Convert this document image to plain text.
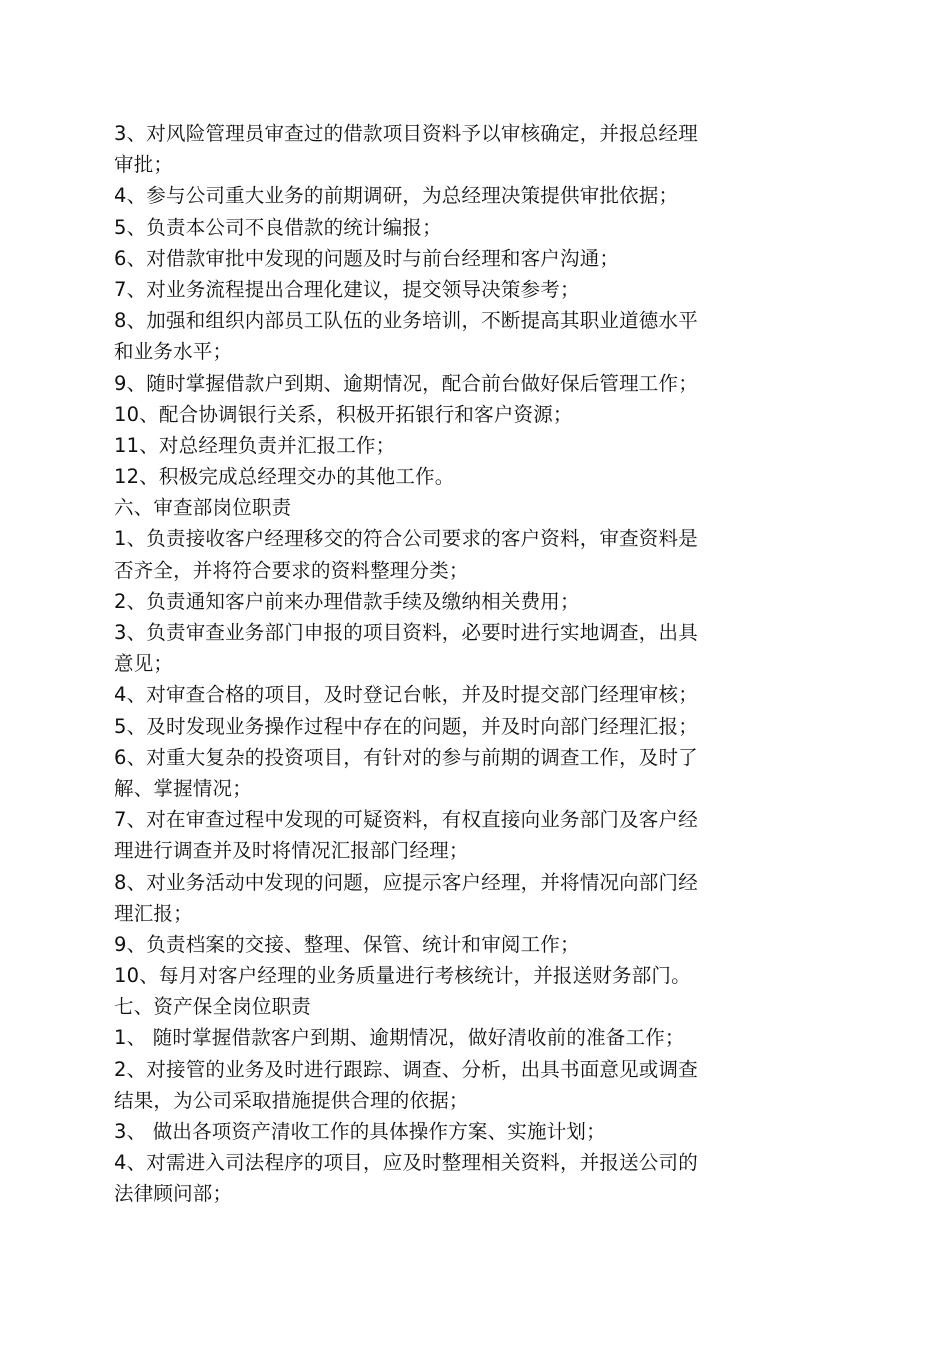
3、对风险管理员审查过的借款项目资料予以审核确定，并报总经理
审批；
4、参与公司重大业务的前期调研，为总经理决策提供审批依据；
5、负责本公司不良借款的统计编报；
6、对借款审批中发现的问题及时与前台经理和客户沟通；
7、对业务流程提出合理化建议，提交领导决策参考；
8、加强和组织内部员工队伍的业务培训，不断提高其职业道德水平
和业务水平；
9、随时掌握借款户到期、逾期情况，配合前台做好保后管理工作；
10、配合协调银行关系，积极开拓银行和客户资源；
11、对总经理负责并汇报工作；
12、积极完成总经理交办的其他工作。
六、审查部岗位职责
1、负责接收客户经理移交的符合公司要求的客户资料，审查资料是
否齐全，并将符合要求的资料整理分类；
2、负责通知客户前来办理借款手续及缴纳相关费用；
3、负责审查业务部门申报的项目资料，必要时进行实地调查，出具
意见；
4、对审查合格的项目，及时登记台帐，并及时提交部门经理审核；
5、及时发现业务操作过程中存在的问题，并及时向部门经理汇报；
6、对重大复杂的投资项目，有针对的参与前期的调查工作，及时了
解、掌握情况；
7、对在审查过程中发现的可疑资料，有权直接向业务部门及客户经
理进行调查并及时将情况汇报部门经理；
8、对业务活动中发现的问题，应提示客户经理，并将情况向部门经
理汇报；
9、负责档案的交接、整理、保管、统计和审阅工作；
10、每月对客户经理的业务质量进行考核统计，并报送财务部门。
七、资产保全岗位职责
1、 随时掌握借款客户到期、逾期情况，做好清收前的准备工作；
2、对接管的业务及时进行跟踪、调查、分析，出具书面意见或调查
结果，为公司采取措施提供合理的依据；
3、 做出各项资产清收工作的具体操作方案、实施计划；
4、对需进入司法程序的项目，应及时整理相关资料，并报送公司的
法律顾问部；
